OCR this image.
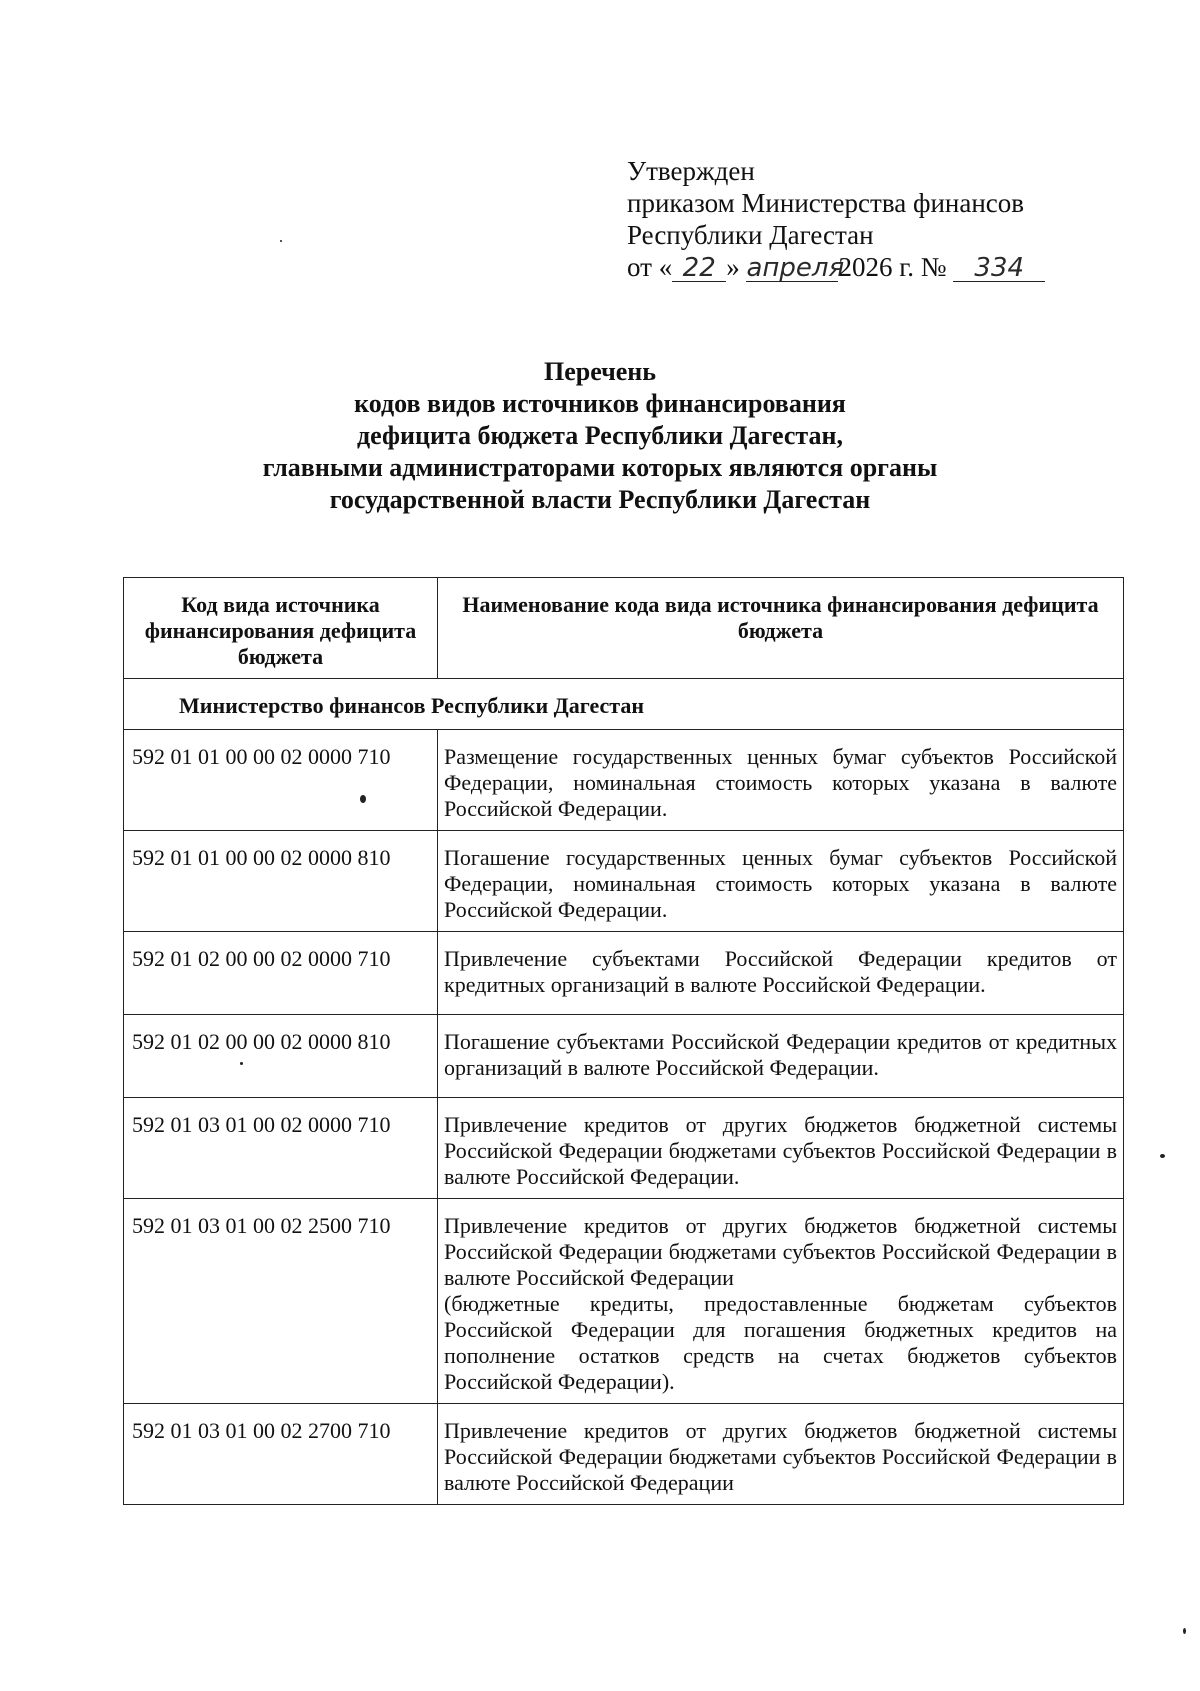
Утвержден
приказом Министерства финансов
Республики Дагестан
от « 22 » апреля2026 г. № 334
Перечень
кодов видов источников финансирования
дефицита бюджета Республики Дагестан,
главными администраторами которых являются органы
государственной власти Республики Дагестан
Код вида источника финансирования дефицита бюджета	Наименование кода вида источника финансирования дефицита бюджета
Министерство финансов Республики Дагестан	
592 01 01 00 00 02 0000 710	Размещение государственных ценных бумаг субъектов Российской Федерации, номинальная стоимость которых указана в валюте Российской Федерации.
592 01 01 00 00 02 0000 810	Погашение государственных ценных бумаг субъектов Российской Федерации, номинальная стоимость которых указана в валюте Российской Федерации.
592 01 02 00 00 02 0000 710	Привлечение субъектами Российской Федерации кредитов от кредитных организаций в валюте Российской Федерации.
592 01 02 00 00 02 0000 810	Погашение субъектами Российской Федерации кредитов от кредитных организаций в валюте Российской Федерации.
592 01 03 01 00 02 0000 710	Привлечение кредитов от других бюджетов бюджетной системы Российской Федерации бюджетами субъектов Российской Федерации в валюте Российской Федерации.
592 01 03 01 00 02 2500 710	Привлечение кредитов от других бюджетов бюджетной системы Российской Федерации бюджетами субъектов Российской Федерации в валюте Российской Федерации
(бюджетные кредиты, предоставленные бюджетам субъектов Российской Федерации для погашения бюджетных кредитов на пополнение остатков средств на счетах бюджетов субъектов Российской Федерации).

592 01 03 01 00 02 2700 710	Привлечение кредитов от других бюджетов бюджетной системы Российской Федерации бюджетами субъектов Российской Федерации в валюте Российской Федерации
